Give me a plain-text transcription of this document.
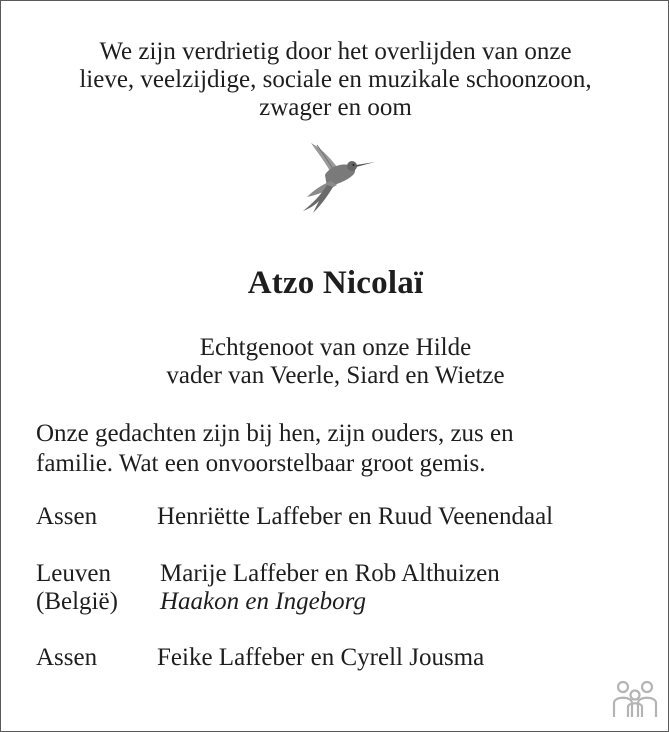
We zijn verdrietig door het overlijden van onze
lieve, veelzijdige, sociale en muzikale schoonzoon,
zwager en oom
Atzo Nicolaï
Echtgenoot van onze Hilde
vader van Veerle, Siard en Wietze
Onze gedachten zijn bij hen, zijn ouders, zus en
familie. Wat een onvoorstelbaar groot gemis.
Assen Henriëtte Laffeber en Ruud Veenendaal
Leuven
(België)
Marije Laffeber en Rob Althuizen
Haakon en Ingeborg
Assen Feike Laffeber en Cyrell Jousma
